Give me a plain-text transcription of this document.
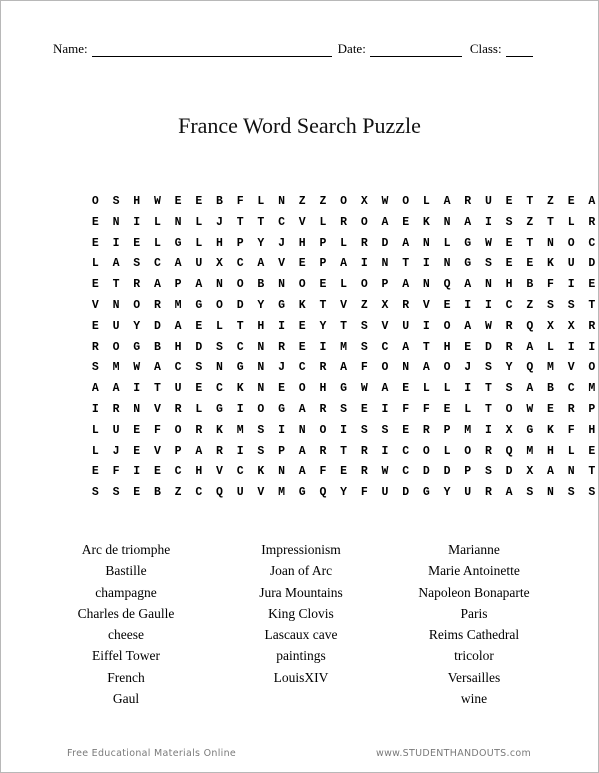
Name:	Date:	Class:
France Word Search Puzzle
O	S	H	W	E	E	B	F	L	N	Z	Z	O	X	W	O	L	A	R	U	E	T	Z	E	A
E	N	I	L	N	L	J	T	T	C	V	L	R	O	A	E	K	N	A	I	S	Z	T	L	R
E	I	E	L	G	L	H	P	Y	J	H	P	L	R	D	A	N	L	G	W	E	T	N	O	C
L	A	S	C	A	U	X	C	A	V	E	P	A	I	N	T	I	N	G	S	E	E	K	U	D
E	T	R	A	P	A	N	O	B	N	O	E	L	O	P	A	N	Q	A	N	H	B	F	I	E
V	N	O	R	M	G	O	D	Y	G	K	T	V	Z	X	R	V	E	I	I	C	Z	S	S	T
E	U	Y	D	A	E	L	T	H	I	E	Y	T	S	V	U	I	O	A	W	R	Q	X	X	R
R	O	G	B	H	D	S	C	N	R	E	I	M	S	C	A	T	H	E	D	R	A	L	I	I
S	M	W	A	C	S	N	G	N	J	C	R	A	F	O	N	A	O	J	S	Y	Q	M	V	O
A	A	I	T	U	E	C	K	N	E	O	H	G	W	A	E	L	L	I	T	S	A	B	C	M
I	R	N	V	R	L	G	I	O	G	A	R	S	E	I	F	F	E	L	T	O	W	E	R	P
L	U	E	F	O	R	K	M	S	I	N	O	I	S	S	E	R	P	M	I	X	G	K	F	H
L	J	E	V	P	A	R	I	S	P	A	R	T	R	I	C	O	L	O	R	Q	M	H	L	E
E	F	I	E	C	H	V	C	K	N	A	F	E	R	W	C	D	D	P	S	D	X	A	N	T
S	S	E	B	Z	C	Q	U	V	M	G	Q	Y	F	U	D	G	Y	U	R	A	S	N	S	S
Arc de triomphe
Bastille
champagne
Charles de Gaulle
cheese
Eiffel Tower
French
Gaul
Impressionism
Joan of Arc
Jura Mountains
King Clovis
Lascaux cave
paintings
LouisXIV
Marianne
Marie Antoinette
Napoleon Bonaparte
Paris
Reims Cathedral
tricolor
Versailles
wine
Free Educational Materials Online	www.STUDENTHANDOUTS.com
